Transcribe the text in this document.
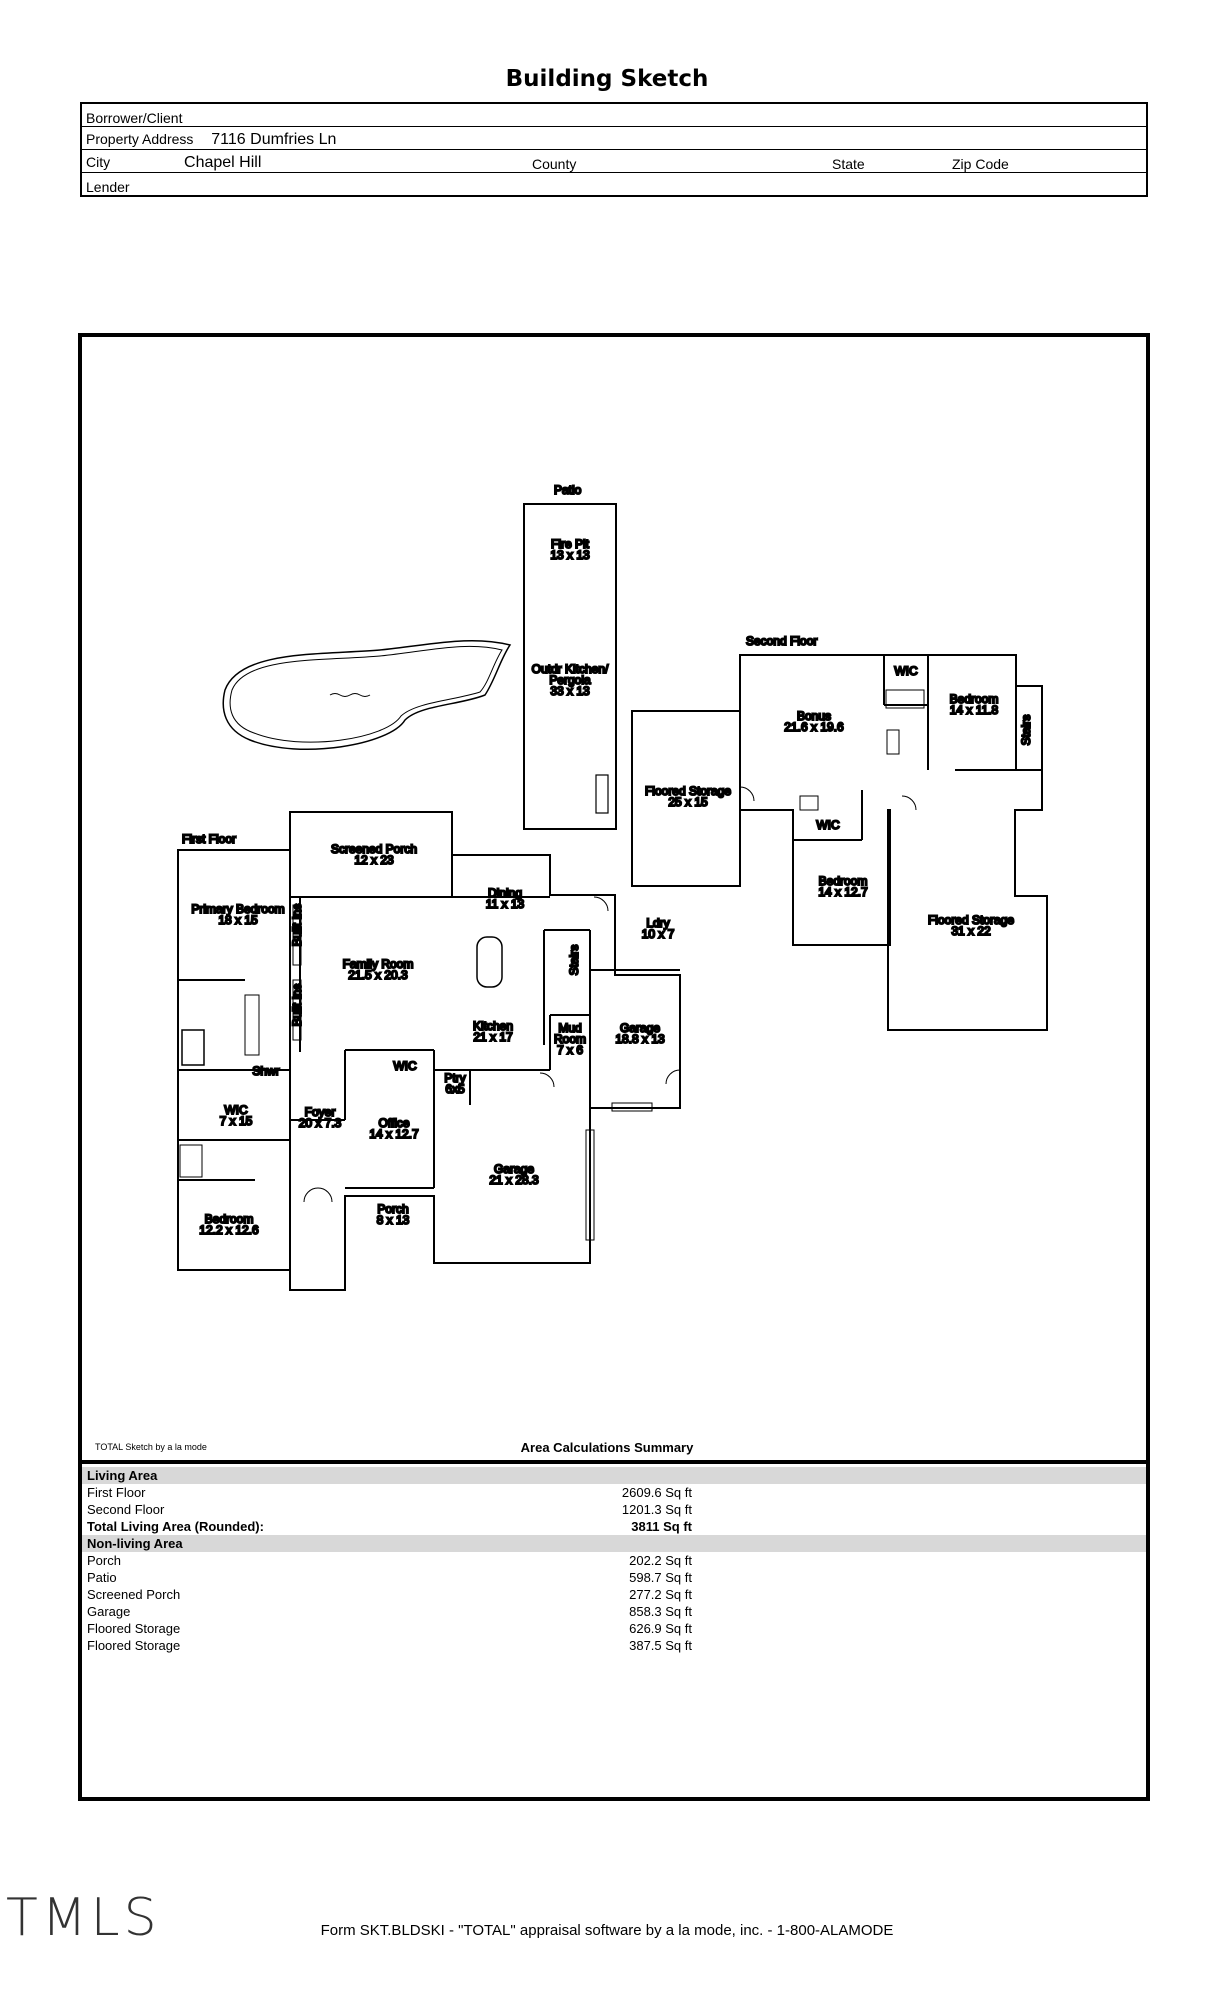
Building Sketch
Borrower/Client
Property Address 7116 Dumfries Ln
City	Chapel Hill	County	State	Zip Code
Lender
Patio
Second Floor
First Floor
Fire Pit 13 x 13
Outdr Kitchen/ Pergola 33 x 13
Floored Storage 25 x 15
Bonus 21.6 x 19.6
WIC
Bedroom 14 x 11.8
Stairs
WIC
Bedroom 14 x 12.7
Floored Storage 31 x 22
Screened Porch 12 x 23
Dining 11 x 13
Primary Bedroom 18 x 15	Built Ins
Built Ins
Family Room 21.5 x 20.3	Stairs
Ldry 10 x 7
Kitchen 21 x 17
Mud Room 7 x 6
Garage 18.8 x 13
Shwr	WIC
Ptry 6x5
WIC 7 x 15
Foyer 20 x 7.3	Office 14 x 12.7
Garage 21 x 28.3
Porch 8 x 13
Bedroom 12.2 x 12.6
TOTAL Sketch by a la mode	Area Calculations Summary
Living Area
First Floor	2609.6 Sq ft
Second Floor	1201.3 Sq ft
Total Living Area (Rounded):	3811 Sq ft
Non-living Area
Porch	202.2 Sq ft
Patio	598.7 Sq ft
Screened Porch	277.2 Sq ft
Garage	858.3 Sq ft
Floored Storage	626.9 Sq ft
Floored Storage	387.5 Sq ft
TMLS	Form SKT.BLDSKI - "TOTAL" appraisal software by a la mode, inc. - 1-800-ALAMODE
